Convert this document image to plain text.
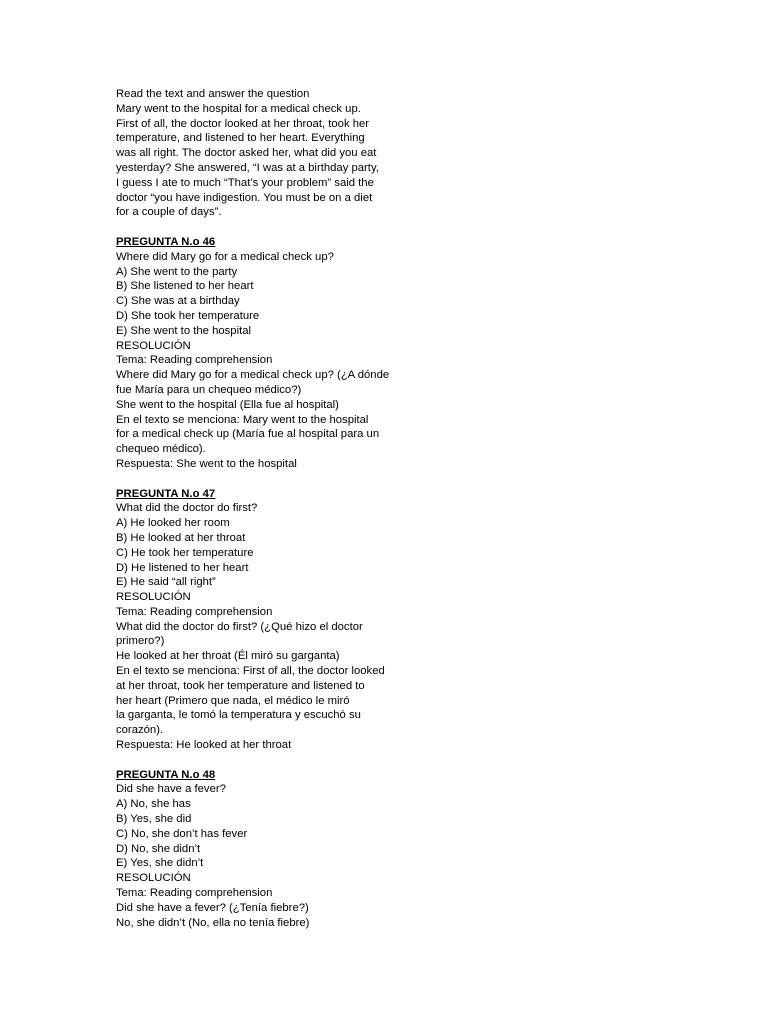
Read the text and answer the question
Mary went to the hospital for a medical check up.
First of all, the doctor looked at her throat, took her
temperature, and listened to her heart. Everything
was all right. The doctor asked her, what did you eat
yesterday? She answered, “I was at a birthday party,
I guess I ate to much “That’s your problem” said the
doctor “you have indigestion. You must be on a diet
for a couple of days”.
PREGUNTA N.o 46
Where did Mary go for a medical check up?
A) She went to the party
B) She listened to her heart
C) She was at a birthday
D) She took her temperature
E) She went to the hospital
RESOLUCIÓN
Tema: Reading comprehension
Where did Mary go for a medical check up? (¿A dónde
fue María para un chequeo médico?)
She went to the hospital (Ella fue al hospital)
En el texto se menciona: Mary went to the hospital
for a medical check up (María fue al hospital para un
chequeo médico).
Respuesta: She went to the hospital
PREGUNTA N.o 47
What did the doctor do first?
A) He looked her room
B) He looked at her throat
C) He took her temperature
D) He listened to her heart
E) He said “all right”
RESOLUCIÓN
Tema: Reading comprehension
What did the doctor do first? (¿Qué hizo el doctor
primero?)
He looked at her throat (Él miró su garganta)
En el texto se menciona: First of all, the doctor looked
at her throat, took her temperature and listened to
her heart (Primero que nada, el médico le miró
la garganta, le tomó la temperatura y escuchó su
corazón).
Respuesta: He looked at her throat
PREGUNTA N.o 48
Did she have a fever?
A) No, she has
B) Yes, she did
C) No, she don’t has fever
D) No, she didn’t
E) Yes, she didn’t
RESOLUCIÓN
Tema: Reading comprehension
Did she have a fever? (¿Tenía fiebre?)
No, she didn’t (No, ella no tenía fiebre)
